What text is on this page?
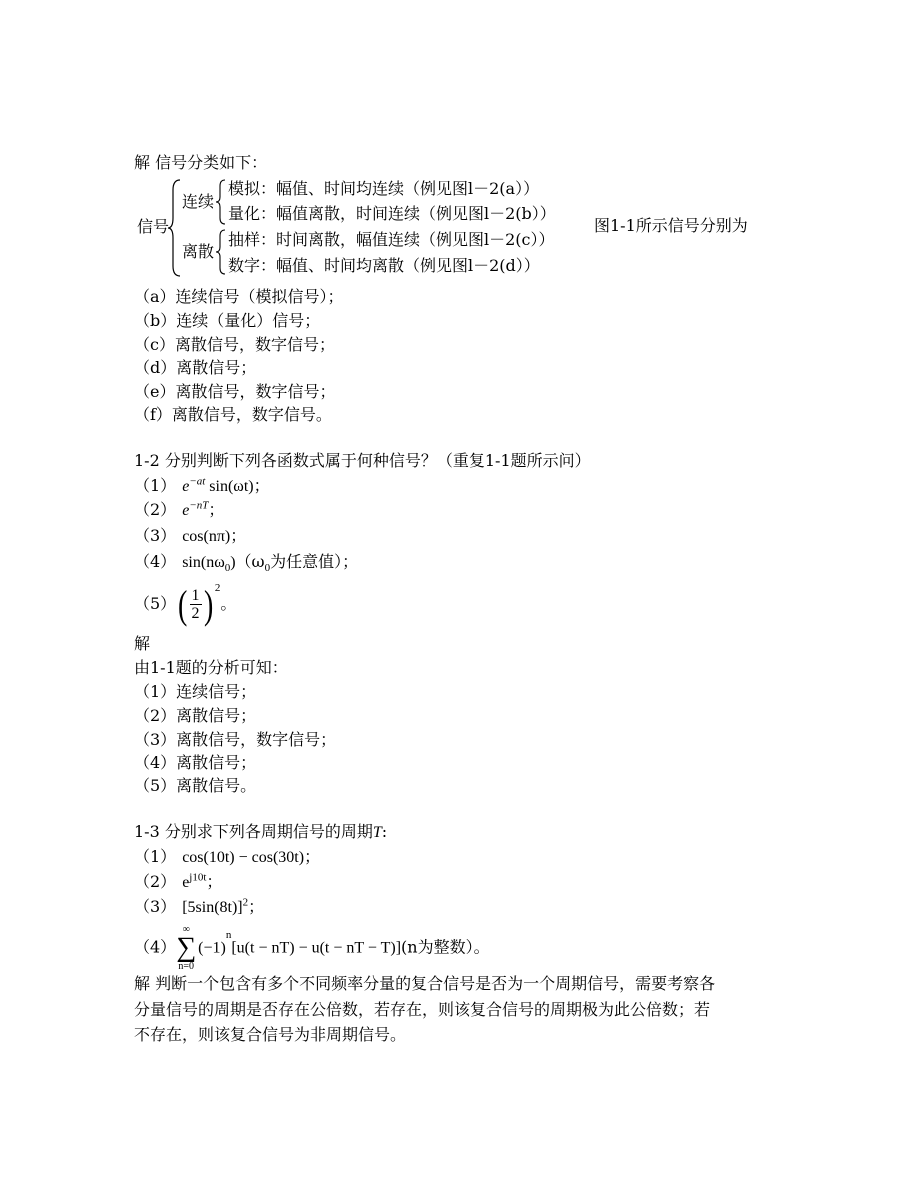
解 信号分类如下：
信号
连续
离散
模拟：幅值、时间均连续（例见图l－2(a））
量化：幅值离散，时间连续（例见图l－2(b））
抽样：时间离散，幅值连续（例见图l－2(c））
数字：幅值、时间均离散（例见图l－2(d））
图1-1所示信号分别为
（a）连续信号（模拟信号）；
（b）连续（量化）信号；
（c）离散信号，数字信号；
（d）离散信号；
（e）离散信号，数字信号；
（f）离散信号，数字信号。
1-2 分别判断下列各函数式属于何种信号？（重复1-1题所示问）
（1） $e^{-at}$ sin(ωt)；
（2） $e^{-nT}$；
（3） cos(nπ)；
（4） $\sin(n\omega_0)(\omega_0$为任意值）；
$(5)( \frac{1}{2}$ ) $^2$。
解
由1-1题的分析可知：
（1）连续信号；
（2）离散信号；
（3）离散信号，数字信号；
（4）离散信号；
（5）离散信号。
1-3 分别求下列各周期信号的周期T:
（1） cos(10t) − cos(30t)；
（2） $e^{j10t}$；
（3） $[5\sin(8t)]^2$；
（4）
∞
∑
n=0
$(-1)^n[u(t - nT) - u(t$ − nT − T)](n为整数）。
解 判断一个包含有多个不同频率分量的复合信号是否为一个周期信号，需要考察各
分量信号的周期是否存在公倍数，若存在，则该复合信号的周期极为此公倍数；若
不存在，则该复合信号为非周期信号。
